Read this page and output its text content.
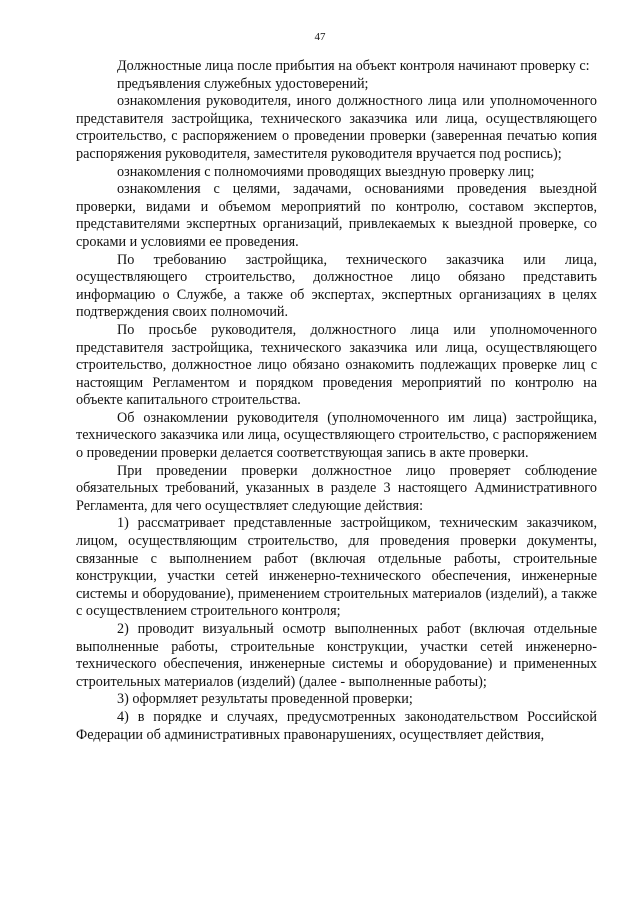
47

Должностные лица после прибытия на объект контроля начинают проверку с:

предъявления служебных удостоверений;

ознакомления руководителя, иного должностного лица или уполномоченного представителя застройщика, технического заказчика или лица, осуществляющего строительство, с распоряжением о проведении проверки (заверенная печатью копия распоряжения руководителя, заместителя руководителя вручается под роспись);

ознакомления с полномочиями проводящих выездную проверку лиц;

ознакомления с целями, задачами, основаниями проведения выездной проверки, видами и объемом мероприятий по контролю, составом экспертов, представителями экспертных организаций, привлекаемых к выездной проверке, со сроками и условиями ее проведения.

По требованию застройщика, технического заказчика или лица, осуществляющего строительство, должностное лицо обязано представить информацию о Службе, а также об экспертах, экспертных организациях в целях подтверждения своих полномочий.

По просьбе руководителя, должностного лица или уполномоченного представителя застройщика, технического заказчика или лица, осуществляющего строительство, должностное лицо обязано ознакомить подлежащих проверке лиц с настоящим Регламентом и порядком проведения мероприятий по контролю на объекте капитального строительства.

Об ознакомлении руководителя (уполномоченного им лица) застройщика, технического заказчика или лица, осуществляющего строительство, с распоряжением о проведении проверки делается соответствующая запись в акте проверки.

При проведении проверки должностное лицо проверяет соблюдение обязательных требований, указанных в разделе 3 настоящего Административного Регламента, для чего осуществляет следующие действия:

1) рассматривает представленные застройщиком, техническим заказчиком, лицом, осуществляющим строительство, для проведения проверки документы, связанные с выполнением работ (включая отдельные работы, строительные конструкции, участки сетей инженерно-технического обеспечения, инженерные системы и оборудование), применением строительных материалов (изделий), а также с осуществлением строительного контроля;

2) проводит визуальный осмотр выполненных работ (включая отдельные выполненные работы, строительные конструкции, участки сетей инженерно-технического обеспечения, инженерные системы и оборудование) и примененных строительных материалов (изделий) (далее - выполненные работы);

3) оформляет результаты проведенной проверки;

4) в порядке и случаях, предусмотренных законодательством Российской Федерации об административных правонарушениях, осуществляет действия,
